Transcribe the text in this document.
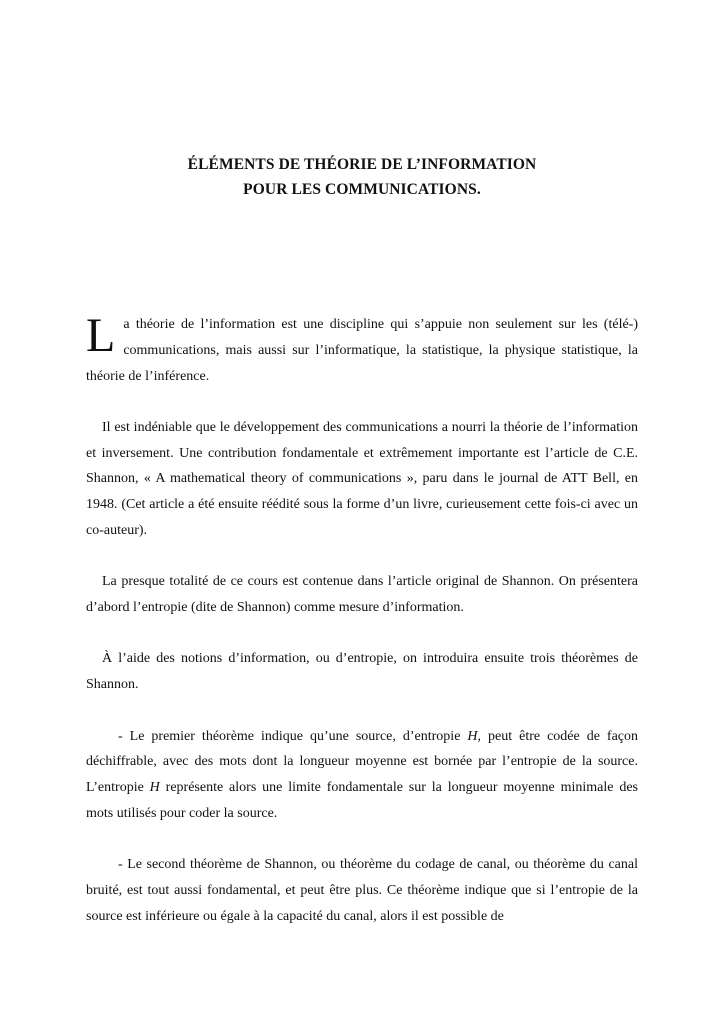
ÉLÉMENTS DE THÉORIE DE L’INFORMATION
POUR LES COMMUNICATIONS.

La théorie de l’information est une discipline qui s’appuie non seulement sur les (télé-) communications, mais aussi sur l’informatique, la statistique, la physique statistique, la théorie de l’inférence.

Il est indéniable que le développement des communications a nourri la théorie de l’information et inversement. Une contribution fondamentale et extrêmement importante est l’article de C.E. Shannon, « A mathematical theory of communications », paru dans le journal de ATT Bell, en 1948. (Cet article a été ensuite réédité sous la forme d’un livre, curieusement cette fois-ci avec un co-auteur).

La presque totalité de ce cours est contenue dans l’article original de Shannon. On présentera d’abord l’entropie (dite de Shannon) comme mesure d’information.

À l’aide des notions d’information, ou d’entropie, on introduira ensuite trois théorèmes de Shannon.

- Le premier théorème indique qu’une source, d’entropie H, peut être codée de façon déchiffrable, avec des mots dont la longueur moyenne est bornée par l’entropie de la source. L’entropie H représente alors une limite fondamentale sur la longueur moyenne minimale des mots utilisés pour coder la source.

- Le second théorème de Shannon, ou théorème du codage de canal, ou théorème du canal bruité, est tout aussi fondamental, et peut être plus. Ce théorème indique que si l’entropie de la source est inférieure ou égale à la capacité du canal, alors il est possible de
